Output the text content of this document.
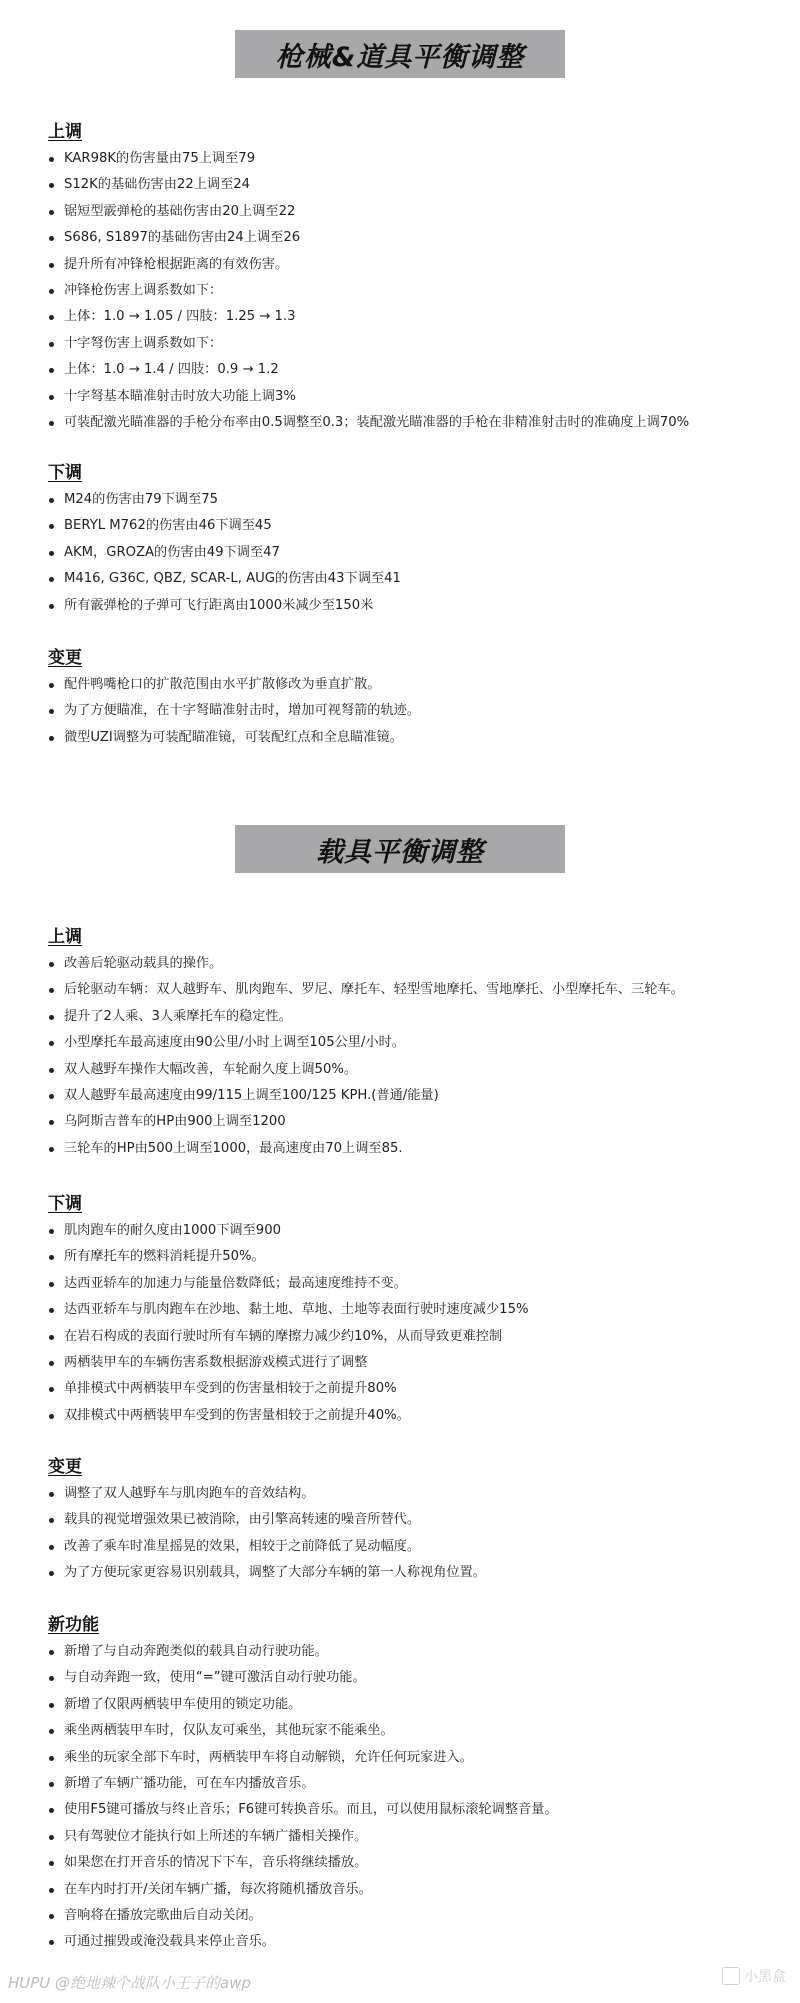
枪械&道具平衡调整
上调
KAR98K的伤害量由75上调至79
S12K的基础伤害由22上调至24
锯短型霰弹枪的基础伤害由20上调至22
S686, S1897的基础伤害由24上调至26
提升所有冲锋枪根据距离的有效伤害。
冲锋枪伤害上调系数如下：
上体：1.0 → 1.05 / 四肢：1.25 → 1.3
十字弩伤害上调系数如下：
上体：1.0 → 1.4 / 四肢：0.9 → 1.2
十字弩基本瞄准射击时放大功能上调3%
可装配激光瞄准器的手枪分布率由0.5调整至0.3；装配激光瞄准器的手枪在非精准射击时的准确度上调70%
下调
M24的伤害由79下调至75
BERYL M762的伤害由46下调至45
AKM，GROZA的伤害由49下调至47
M416, G36C, QBZ, SCAR-L, AUG的伤害由43下调至41
所有霰弹枪的子弹可飞行距离由1000米减少至150米
变更
配件鸭嘴枪口的扩散范围由水平扩散修改为垂直扩散。
为了方便瞄准，在十字弩瞄准射击时，增加可视弩箭的轨迹。
微型UZI调整为可装配瞄准镜，可装配红点和全息瞄准镜。
载具平衡调整
上调
改善后轮驱动载具的操作。
后轮驱动车辆：双人越野车、肌肉跑车、罗尼、摩托车、轻型雪地摩托、雪地摩托、小型摩托车、三轮车。
提升了2人乘、3人乘摩托车的稳定性。
小型摩托车最高速度由90公里/小时上调至105公里/小时。
双人越野车操作大幅改善，车轮耐久度上调50%。
双人越野车最高速度由99/115上调至100/125 KPH.(普通/能量)
乌阿斯吉普车的HP由900上调至1200
三轮车的HP由500上调至1000，最高速度由70上调至85.
下调
肌肉跑车的耐久度由1000下调至900
所有摩托车的燃料消耗提升50%。
达西亚轿车的加速力与能量倍数降低；最高速度维持不变。
达西亚轿车与肌肉跑车在沙地、黏土地、草地、土地等表面行驶时速度减少15%
在岩石构成的表面行驶时所有车辆的摩擦力减少约10%，从而导致更难控制
两栖装甲车的车辆伤害系数根据游戏模式进行了调整
单排模式中两栖装甲车受到的伤害量相较于之前提升80%
双排模式中两栖装甲车受到的伤害量相较于之前提升40%。
变更
调整了双人越野车与肌肉跑车的音效结构。
载具的视觉增强效果已被消除，由引擎高转速的噪音所替代。
改善了乘车时准星摇晃的效果，相较于之前降低了晃动幅度。
为了方便玩家更容易识别载具，调整了大部分车辆的第一人称视角位置。
新功能
新增了与自动奔跑类似的载具自动行驶功能。
与自动奔跑一致，使用“=”键可激活自动行驶功能。
新增了仅限两栖装甲车使用的锁定功能。
乘坐两栖装甲车时，仅队友可乘坐，其他玩家不能乘坐。
乘坐的玩家全部下车时，两栖装甲车将自动解锁，允许任何玩家进入。
新增了车辆广播功能，可在车内播放音乐。
使用F5键可播放与终止音乐；F6键可转换音乐。而且，可以使用鼠标滚轮调整音量。
只有驾驶位才能执行如上所述的车辆广播相关操作。
如果您在打开音乐的情况下下车，音乐将继续播放。
在车内时打开/关闭车辆广播，每次将随机播放音乐。
音响将在播放完歌曲后自动关闭。
可通过摧毁或淹没载具来停止音乐。
HUPU @绝地辣个战队小王子的awp	小黑盒
